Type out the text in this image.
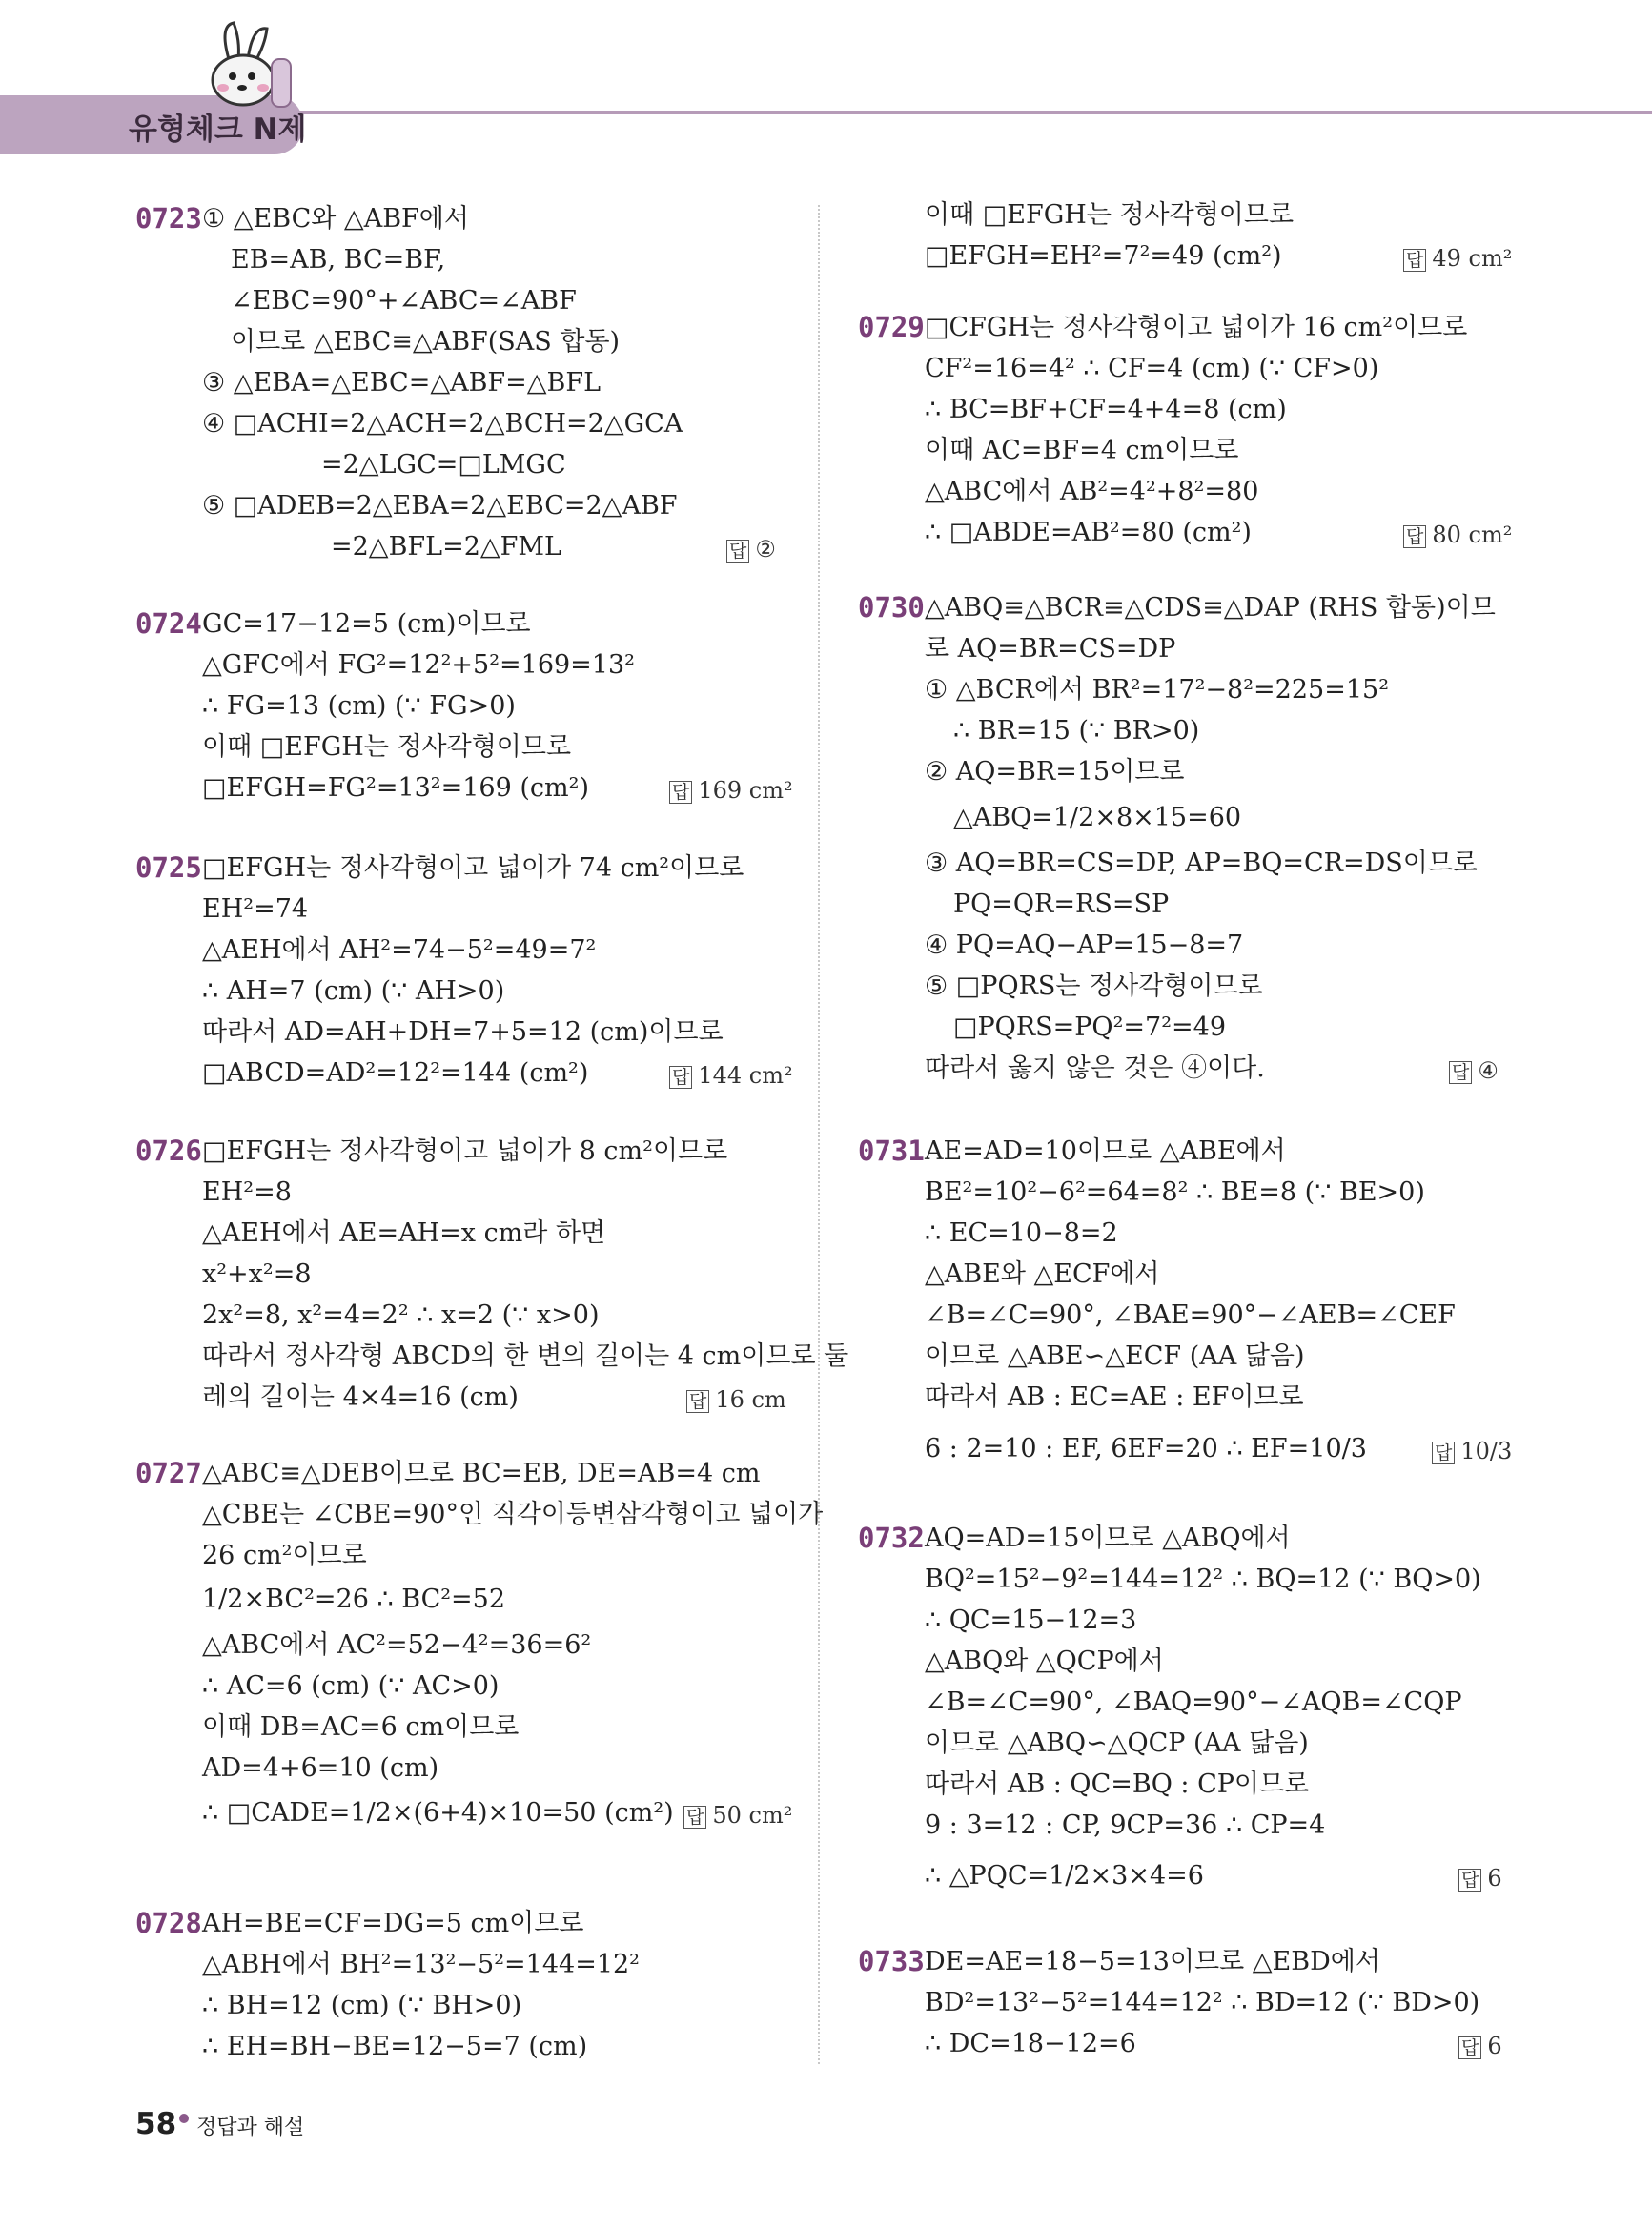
유형체크 N제
0723 ① △EBC와 △ABF에서
EB=AB, BC=BF,
∠EBC=90°+∠ABC=∠ABF
이므로 △EBC≡△ABF(SAS 합동)
③ △EBA=△EBC=△ABF=△BFL
④ □ACHI=2△ACH=2△BCH=2△GCA
=2△LGC=□LMGC
⑤ □ADEB=2△EBA=2△EBC=2△ABF
=2△BFL=2△FML	답 ②
0724 GC=17−12=5 (cm)이므로
△GFC에서 FG²=12²+5²=169=13²
∴ FG=13 (cm) (∵ FG>0)
이때 □EFGH는 정사각형이므로
□EFGH=FG²=13²=169 (cm²)	답 169 cm²
0725 □EFGH는 정사각형이고 넓이가 74 cm²이므로
EH²=74
△AEH에서 AH²=74−5²=49=7²
∴ AH=7 (cm) (∵ AH>0)
따라서 AD=AH+DH=7+5=12 (cm)이므로
□ABCD=AD²=12²=144 (cm²)	답 144 cm²
0726 □EFGH는 정사각형이고 넓이가 8 cm²이므로
EH²=8
△AEH에서 AE=AH=x cm라 하면
x²+x²=8
2x²=8, x²=4=2² ∴ x=2 (∵ x>0)
따라서 정사각형 ABCD의 한 변의 길이는 4 cm이므로 둘
레의 길이는 4×4=16 (cm)	답 16 cm
0727 △ABC≡△DEB이므로 BC=EB, DE=AB=4 cm
△CBE는 ∠CBE=90°인 직각이등변삼각형이고 넓이가
26 cm²이므로
1/2×BC²=26 ∴ BC²=52
△ABC에서 AC²=52−4²=36=6²
∴ AC=6 (cm) (∵ AC>0)
이때 DB=AC=6 cm이므로
AD=4+6=10 (cm)
∴ □CADE=1/2×(6+4)×10=50 (cm²) 답 50 cm²
0728 AH=BE=CF=DG=5 cm이므로
△ABH에서 BH²=13²−5²=144=12²
∴ BH=12 (cm) (∵ BH>0)
∴ EH=BH−BE=12−5=7 (cm)
이때 □EFGH는 정사각형이므로
□EFGH=EH²=7²=49 (cm²)	답 49 cm²
0729 □CFGH는 정사각형이고 넓이가 16 cm²이므로
CF²=16=4² ∴ CF=4 (cm) (∵ CF>0)
∴ BC=BF+CF=4+4=8 (cm)
이때 AC=BF=4 cm이므로
△ABC에서 AB²=4²+8²=80
∴ □ABDE=AB²=80 (cm²)	답 80 cm²
0730 △ABQ≡△BCR≡△CDS≡△DAP (RHS 합동)이므
로 AQ=BR=CS=DP
① △BCR에서 BR²=17²−8²=225=15²
∴ BR=15 (∵ BR>0)
② AQ=BR=15이므로
△ABQ=1/2×8×15=60
③ AQ=BR=CS=DP, AP=BQ=CR=DS이므로
PQ=QR=RS=SP
④ PQ=AQ−AP=15−8=7
⑤ □PQRS는 정사각형이므로
□PQRS=PQ²=7²=49
따라서 옳지 않은 것은 ④이다.	답 ④
0731 AE=AD=10이므로 △ABE에서
BE²=10²−6²=64=8² ∴ BE=8 (∵ BE>0)
∴ EC=10−8=2
△ABE와 △ECF에서
∠B=∠C=90°, ∠BAE=90°−∠AEB=∠CEF
이므로 △ABE∽△ECF (AA 닮음)
따라서 AB : EC=AE : EF이므로
6 : 2=10 : EF, 6EF=20 ∴ EF=10/3	답 10/3
0732 AQ=AD=15이므로 △ABQ에서
BQ²=15²−9²=144=12² ∴ BQ=12 (∵ BQ>0)
∴ QC=15−12=3
△ABQ와 △QCP에서
∠B=∠C=90°, ∠BAQ=90°−∠AQB=∠CQP
이므로 △ABQ∽△QCP (AA 닮음)
따라서 AB : QC=BQ : CP이므로
9 : 3=12 : CP, 9CP=36 ∴ CP=4
∴ △PQC=1/2×3×4=6	답 6
0733 DE=AE=18−5=13이므로 △EBD에서
BD²=13²−5²=144=12² ∴ BD=12 (∵ BD>0)
∴ DC=18−12=6	답 6
58 정답과 해설
